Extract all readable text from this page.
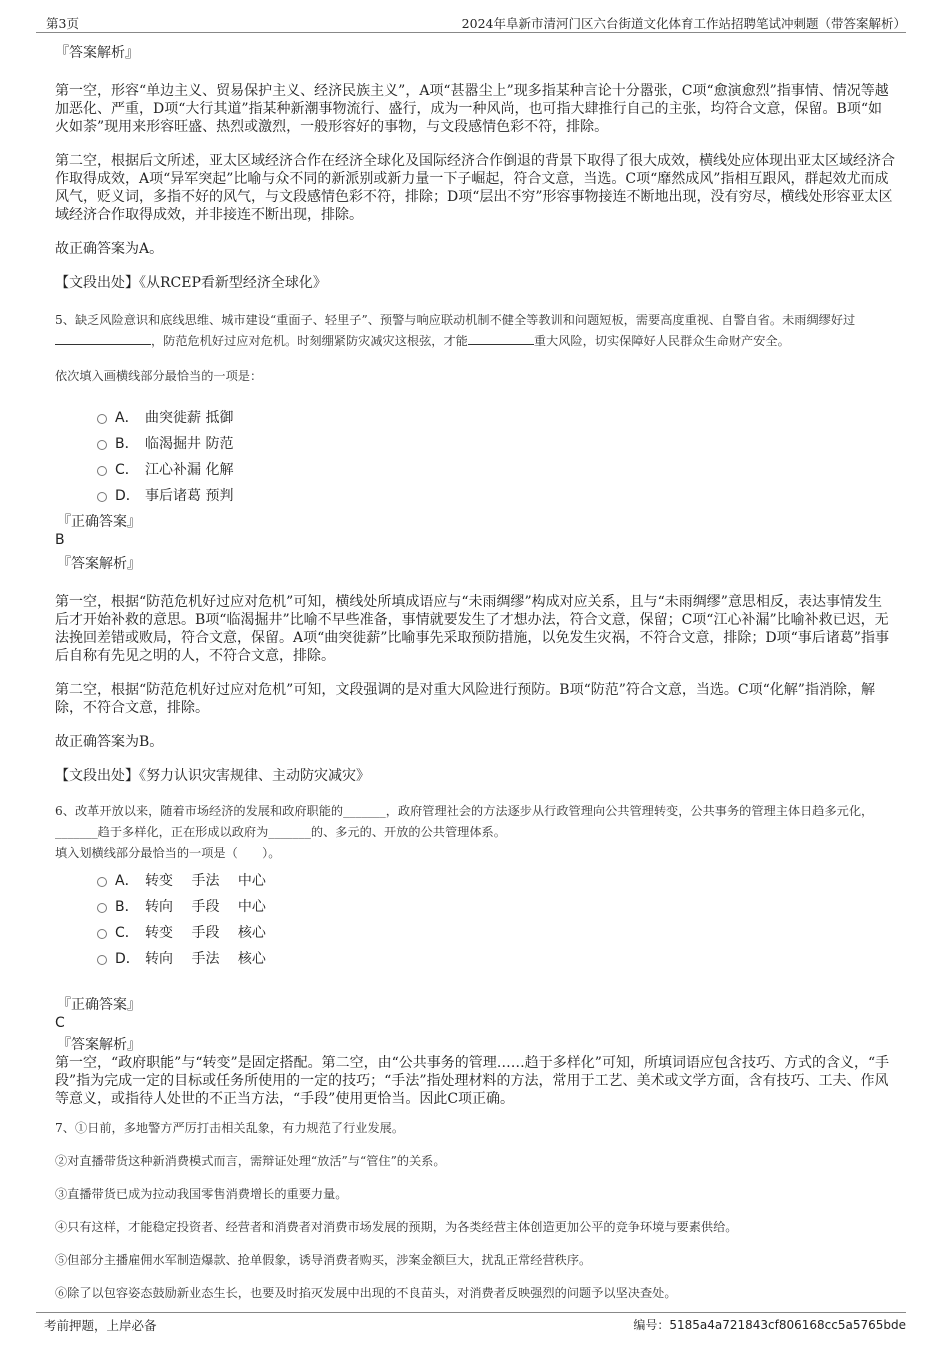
第3页	2024年阜新市清河门区六台街道文化体育工作站招聘笔试冲刺题（带答案解析）

『答案解析』

第一空，形容“单边主义、贸易保护主义、经济民族主义”，A项“甚嚣尘上”现多指某种言论十分嚣张，C项“愈演愈烈”指事情、情况等越加恶化、严重，D项“大行其道”指某种新潮事物流行、盛行，成为一种风尚，也可指大肆推行自己的主张，均符合文意，保留。B项“如火如荼”现用来形容旺盛、热烈或激烈，一般形容好的事物，与文段感情色彩不符，排除。

第二空，根据后文所述，亚太区域经济合作在经济全球化及国际经济合作倒退的背景下取得了很大成效，横线处应体现出亚太区域经济合作取得成效，A项“异军突起”比喻与众不同的新派别或新力量一下子崛起，符合文意，当选。C项“靡然成风”指相互跟风，群起效尤而成风气，贬义词，多指不好的风气，与文段感情色彩不符，排除；D项“层出不穷”形容事物接连不断地出现，没有穷尽，横线处形容亚太区域经济合作取得成效，并非接连不断出现，排除。

故正确答案为A。

【文段出处】《从RCEP看新型经济全球化》

5、缺乏风险意识和底线思维、城市建设“重面子、轻里子”、预警与响应联动机制不健全等教训和问题短板，需要高度重视、自警自省。未雨绸缪好过，防范危机好过应对危机。时刻绷紧防灾减灾这根弦，才能	重大风险，切实保障好人民群众生命财产安全。

依次填入画横线部分最恰当的一项是：

A． 曲突徙薪 抵御
B． 临渴掘井 防范
C． 江心补漏 化解
D． 事后诸葛 预判

『正确答案』

B

『答案解析』

第一空，根据“防范危机好过应对危机”可知，横线处所填成语应与“未雨绸缪”构成对应关系，且与“未雨绸缪”意思相反，表达事情发生后才开始补救的意思。B项“临渴掘井”比喻不早些准备，事情就要发生了才想办法，符合文意，保留；C项“江心补漏”比喻补救已迟，无法挽回差错或败局，符合文意，保留。A项“曲突徙薪”比喻事先采取预防措施，以免发生灾祸，不符合文意，排除；D项“事后诸葛”指事后自称有先见之明的人，不符合文意，排除。

第二空，根据“防范危机好过应对危机”可知，文段强调的是对重大风险进行预防。B项“防范”符合文意，当选。C项“化解”指消除，解除，不符合文意，排除。

故正确答案为B。

【文段出处】《努力认识灾害规律、主动防灾减灾》

6、改革开放以来，随着市场经济的发展和政府职能的_______，政府管理社会的方法逐步从行政管理向公共管理转变，公共事务的管理主体日趋多元化，_______趋于多样化，正在形成以政府为_______的、多元的、开放的公共管理体系。

填入划横线部分最恰当的一项是（　　）。

A． 转变　 手法　 中心
B． 转向　 手段　 中心
C． 转变　 手段　 核心
D． 转向　 手法　 核心

『正确答案』

C

『答案解析』

第一空，“政府职能”与“转变”是固定搭配。第二空，由“公共事务的管理……趋于多样化”可知，所填词语应包含技巧、方式的含义，“手段”指为完成一定的目标或任务所使用的一定的技巧；“手法”指处理材料的方法，常用于工艺、美术或文学方面，含有技巧、工夫、作风等意义，或指待人处世的不正当方法，“手段”使用更恰当。因此C项正确。

7、①日前，多地警方严厉打击相关乱象，有力规范了行业发展。

②对直播带货这种新消费模式而言，需辩证处理“放活”与“管住”的关系。

③直播带货已成为拉动我国零售消费增长的重要力量。

④只有这样，才能稳定投资者、经营者和消费者对消费市场发展的预期，为各类经营主体创造更加公平的竞争环境与要素供给。

⑤但部分主播雇佣水军制造爆款、抢单假象，诱导消费者购买，涉案金额巨大，扰乱正常经营秩序。

⑥除了以包容姿态鼓励新业态生长，也要及时掐灭发展中出现的不良苗头，对消费者反映强烈的问题予以坚决查处。

考前押题，上岸必备	编号：5185a4a721843cf806168cc5a5765bde
